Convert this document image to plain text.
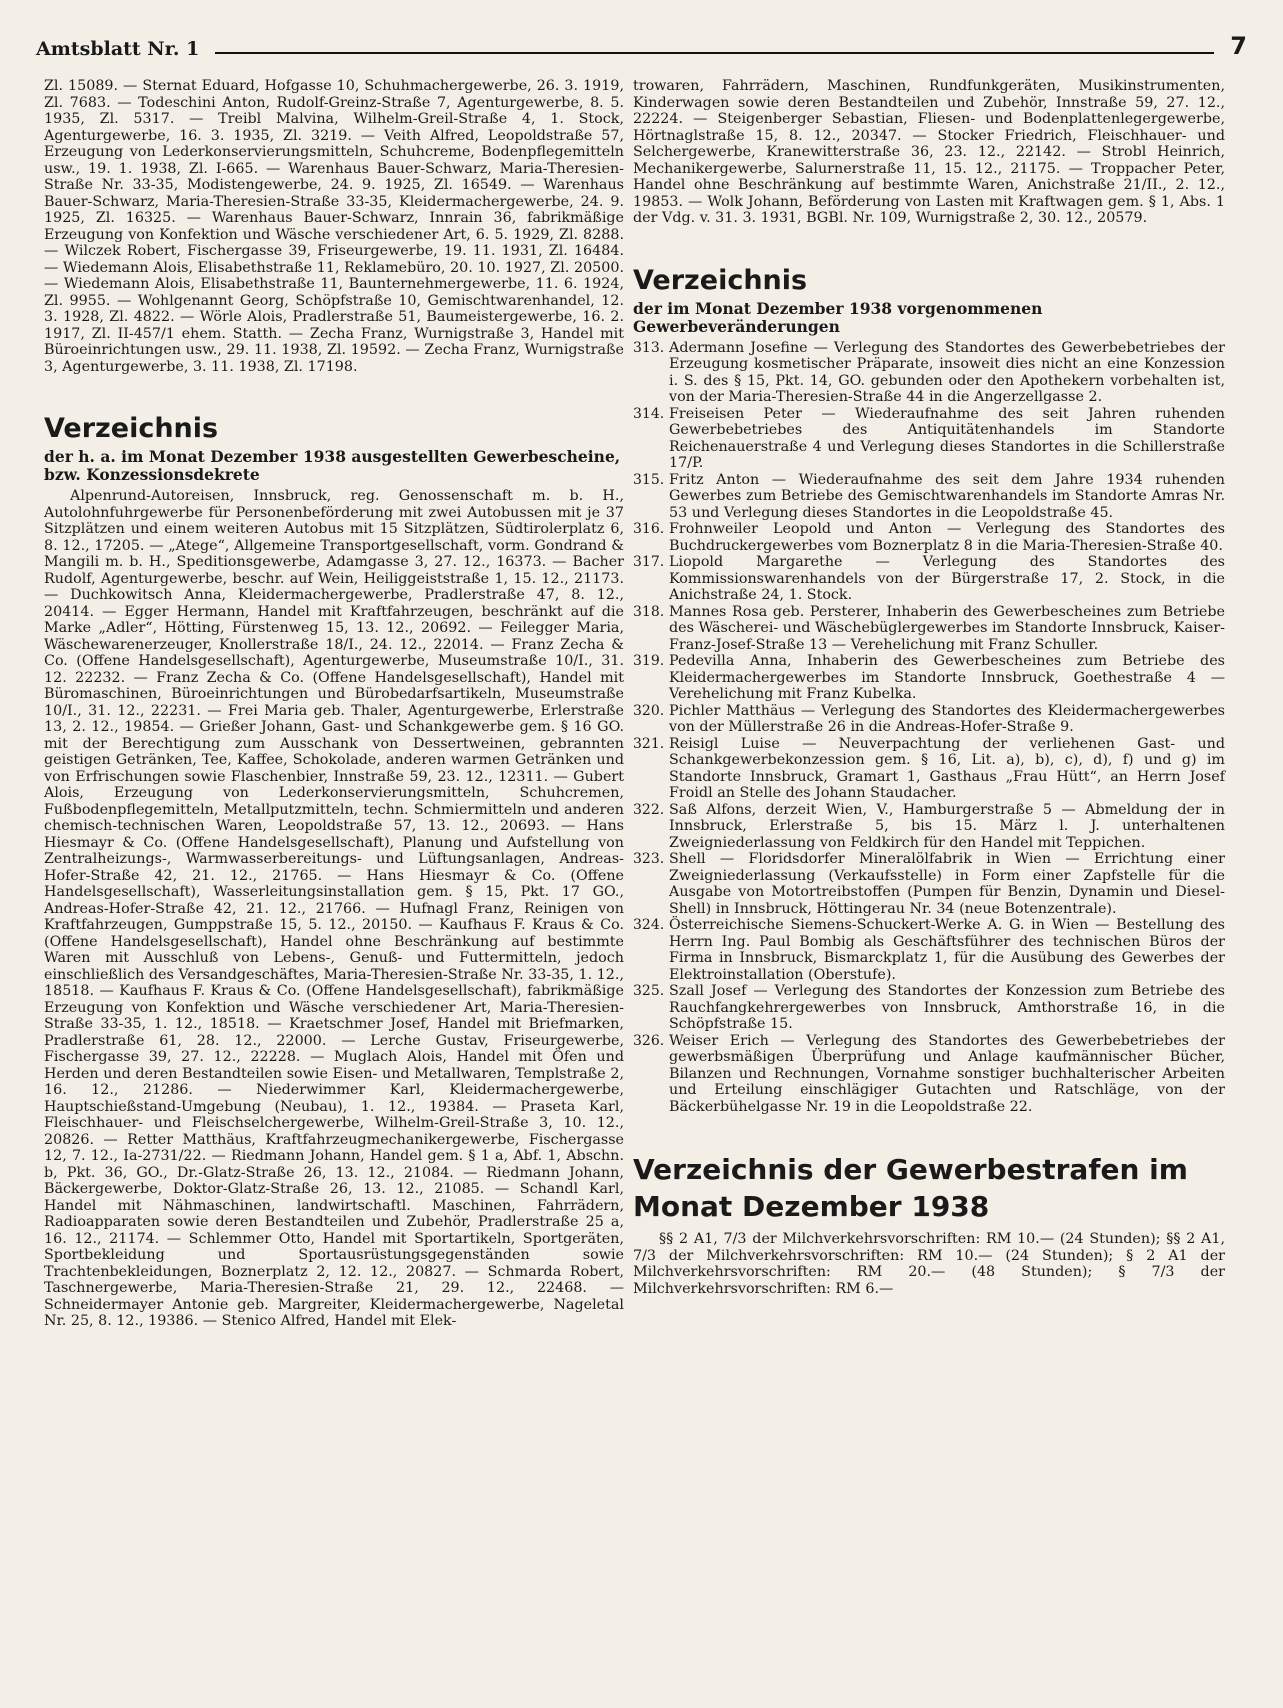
Amtsblatt Nr. 1	7

Zl. 15089. — Sternat Eduard, Hofgasse 10, Schuhmachergewerbe, 26. 3. 1919, Zl. 7683. — Todeschini Anton, Rudolf-Greinz-Straße 7, Agenturgewerbe, 8. 5. 1935, Zl. 5317. — Treibl Malvina, Wilhelm-Greil-Straße 4, 1. Stock, Agenturgewerbe, 16. 3. 1935, Zl. 3219. — Veith Alfred, Leopoldstraße 57, Erzeugung von Lederkonservierungsmitteln, Schuhcreme, Bodenpflegemitteln usw., 19. 1. 1938, Zl. I-665. — Warenhaus Bauer-Schwarz, Maria-Theresien-Straße Nr. 33-35, Modistengewerbe, 24. 9. 1925, Zl. 16549. — Warenhaus Bauer-Schwarz, Maria-Theresien-Straße 33-35, Kleidermachergewerbe, 24. 9. 1925, Zl. 16325. — Warenhaus Bauer-Schwarz, Innrain 36, fabrikmäßige Erzeugung von Konfektion und Wäsche verschiedener Art, 6. 5. 1929, Zl. 8288. — Wilczek Robert, Fischergasse 39, Friseurgewerbe, 19. 11. 1931, Zl. 16484. — Wiedemann Alois, Elisabethstraße 11, Reklamebüro, 20. 10. 1927, Zl. 20500. — Wiedemann Alois, Elisabethstraße 11, Baunternehmergewerbe, 11. 6. 1924, Zl. 9955. — Wohlgenannt Georg, Schöpfstraße 10, Gemischtwarenhandel, 12. 3. 1928, Zl. 4822. — Wörle Alois, Pradlerstraße 51, Baumeistergewerbe, 16. 2. 1917, Zl. II-457/1 ehem. Statth. — Zecha Franz, Wurnigstraße 3, Handel mit Büroeinrichtungen usw., 29. 11. 1938, Zl. 19592. — Zecha Franz, Wurnigstraße 3, Agenturgewerbe, 3. 11. 1938, Zl. 17198.

Verzeichnis
der h. a. im Monat Dezember 1938 ausgestellten Gewerbescheine, bzw. Konzessionsdekrete

Alpenrund-Autoreisen, Innsbruck, reg. Genossenschaft m. b. H., Autolohnfuhrgewerbe für Personenbeförderung mit zwei Autobussen mit je 37 Sitzplätzen und einem weiteren Autobus mit 15 Sitzplätzen, Südtirolerplatz 6, 8. 12., 17205. — „Atege“, Allgemeine Transportgesellschaft, vorm. Gondrand & Mangili m. b. H., Speditionsgewerbe, Adamgasse 3, 27. 12., 16373. — Bacher Rudolf, Agenturgewerbe, beschr. auf Wein, Heiliggeiststraße 1, 15. 12., 21173. — Duchkowitsch Anna, Kleidermachergewerbe, Pradlerstraße 47, 8. 12., 20414. — Egger Hermann, Handel mit Kraftfahrzeugen, beschränkt auf die Marke „Adler“, Hötting, Fürstenweg 15, 13. 12., 20692. — Feilegger Maria, Wäschewarenerzeuger, Knollerstraße 18/I., 24. 12., 22014. — Franz Zecha & Co. (Offene Handelsgesellschaft), Agenturgewerbe, Museumstraße 10/I., 31. 12. 22232. — Franz Zecha & Co. (Offene Handelsgesellschaft), Handel mit Büromaschinen, Büroeinrichtungen und Bürobedarfsartikeln, Museumstraße 10/I., 31. 12., 22231. — Frei Maria geb. Thaler, Agenturgewerbe, Erlerstraße 13, 2. 12., 19854. — Grießer Johann, Gast- und Schankgewerbe gem. § 16 GO. mit der Berechtigung zum Ausschank von Dessertweinen, gebrannten geistigen Getränken, Tee, Kaffee, Schokolade, anderen warmen Getränken und von Erfrischungen sowie Flaschenbier, Innstraße 59, 23. 12., 12311. — Gubert Alois, Erzeugung von Lederkonservierungsmitteln, Schuhcremen, Fußbodenpflegemitteln, Metallputzmitteln, techn. Schmiermitteln und anderen chemisch-technischen Waren, Leopoldstraße 57, 13. 12., 20693. — Hans Hiesmayr & Co. (Offene Handelsgesellschaft), Planung und Aufstellung von Zentralheizungs-, Warmwasserbereitungs- und Lüftungsanlagen, Andreas-Hofer-Straße 42, 21. 12., 21765. — Hans Hiesmayr & Co. (Offene Handelsgesellschaft), Wasserleitungsinstallation gem. § 15, Pkt. 17 GO., Andreas-Hofer-Straße 42, 21. 12., 21766. — Hufnagl Franz, Reinigen von Kraftfahrzeugen, Gumppstraße 15, 5. 12., 20150. — Kaufhaus F. Kraus & Co. (Offene Handelsgesellschaft), Handel ohne Beschränkung auf bestimmte Waren mit Ausschluß von Lebens-, Genuß- und Futtermitteln, jedoch einschließlich des Versandgeschäftes, Maria-Theresien-Straße Nr. 33-35, 1. 12., 18518. — Kaufhaus F. Kraus & Co. (Offene Handelsgesellschaft), fabrikmäßige Erzeugung von Konfektion und Wäsche verschiedener Art, Maria-Theresien-Straße 33-35, 1. 12., 18518. — Kraetschmer Josef, Handel mit Briefmarken, Pradlerstraße 61, 28. 12., 22000. — Lerche Gustav, Friseurgewerbe, Fischergasse 39, 27. 12., 22228. — Muglach Alois, Handel mit Öfen und Herden und deren Bestandteilen sowie Eisen- und Metallwaren, Templstraße 2, 16. 12., 21286. — Niederwimmer Karl, Kleidermachergewerbe, Hauptschießstand-Umgebung (Neubau), 1. 12., 19384. — Praseta Karl, Fleischhauer- und Fleischselchergewerbe, Wilhelm-Greil-Straße 3, 10. 12., 20826. — Retter Matthäus, Kraftfahrzeugmechanikergewerbe, Fischergasse 12, 7. 12., Ia-2731/22. — Riedmann Johann, Handel gem. § 1 a, Abf. 1, Abschn. b, Pkt. 36, GO., Dr.-Glatz-Straße 26, 13. 12., 21084. — Riedmann Johann, Bäckergewerbe, Doktor-Glatz-Straße 26, 13. 12., 21085. — Schandl Karl, Handel mit Nähmaschinen, landwirtschaftl. Maschinen, Fahrrädern, Radioapparaten sowie deren Bestandteilen und Zubehör, Pradlerstraße 25 a, 16. 12., 21174. — Schlemmer Otto, Handel mit Sportartikeln, Sportgeräten, Sportbekleidung und Sportausrüstungsgegenständen sowie Trachtenbekleidungen, Boznerplatz 2, 12. 12., 20827. — Schmarda Robert, Taschnergewerbe, Maria-Theresien-Straße 21, 29. 12., 22468. — Schneidermayer Antonie geb. Margreiter, Kleidermachergewerbe, Nageletal Nr. 25, 8. 12., 19386. — Stenico Alfred, Handel mit Elek-

trowaren, Fahrrädern, Maschinen, Rundfunkgeräten, Musikinstrumenten, Kinderwagen sowie deren Bestandteilen und Zubehör, Innstraße 59, 27. 12., 22224. — Steigenberger Sebastian, Fliesen- und Bodenplattenlegergewerbe, Hörtnaglstraße 15, 8. 12., 20347. — Stocker Friedrich, Fleischhauer- und Selchergewerbe, Kranewitterstraße 36, 23. 12., 22142. — Strobl Heinrich, Mechanikergewerbe, Salurnerstraße 11, 15. 12., 21175. — Troppacher Peter, Handel ohne Beschränkung auf bestimmte Waren, Anichstraße 21/II., 2. 12., 19853. — Wolk Johann, Beförderung von Lasten mit Kraftwagen gem. § 1, Abs. 1 der Vdg. v. 31. 3. 1931, BGBl. Nr. 109, Wurnigstraße 2, 30. 12., 20579.

Verzeichnis
der im Monat Dezember 1938 vorgenommenen Gewerbeveränderungen
313. Adermann Josefine — Verlegung des Standortes des Gewerbebetriebes der Erzeugung kosmetischer Präparate, insoweit dies nicht an eine Konzession i. S. des § 15, Pkt. 14, GO. gebunden oder den Apothekern vorbehalten ist, von der Maria-Theresien-Straße 44 in die Angerzellgasse 2.
314. Freiseisen Peter — Wiederaufnahme des seit Jahren ruhenden Gewerbebetriebes des Antiquitätenhandels im Standorte Reichenauerstraße 4 und Verlegung dieses Standortes in die Schillerstraße 17/P.
315. Fritz Anton — Wiederaufnahme des seit dem Jahre 1934 ruhenden Gewerbes zum Betriebe des Gemischtwarenhandels im Standorte Amras Nr. 53 und Verlegung dieses Standortes in die Leopoldstraße 45.
316. Frohnweiler Leopold und Anton — Verlegung des Standortes des Buchdruckergewerbes vom Boznerplatz 8 in die Maria-Theresien-Straße 40.
317. Liopold Margarethe — Verlegung des Standortes des Kommissionswarenhandels von der Bürgerstraße 17, 2. Stock, in die Anichstraße 24, 1. Stock.
318. Mannes Rosa geb. Persterer, Inhaberin des Gewerbescheines zum Betriebe des Wäscherei- und Wäschebüglergewerbes im Standorte Innsbruck, Kaiser-Franz-Josef-Straße 13 — Verehelichung mit Franz Schuller.
319. Pedevilla Anna, Inhaberin des Gewerbescheines zum Betriebe des Kleidermachergewerbes im Standorte Innsbruck, Goethestraße 4 — Verehelichung mit Franz Kubelka.
320. Pichler Matthäus — Verlegung des Standortes des Kleidermachergewerbes von der Müllerstraße 26 in die Andreas-Hofer-Straße 9.
321. Reisigl Luise — Neuverpachtung der verliehenen Gast- und Schankgewerbekonzession gem. § 16, Lit. a), b), c), d), f) und g) im Standorte Innsbruck, Gramart 1, Gasthaus „Frau Hütt“, an Herrn Josef Froidl an Stelle des Johann Staudacher.
322. Saß Alfons, derzeit Wien, V., Hamburgerstraße 5 — Abmeldung der in Innsbruck, Erlerstraße 5, bis 15. März l. J. unterhaltenen Zweigniederlassung von Feldkirch für den Handel mit Teppichen.
323. Shell — Floridsdorfer Mineralölfabrik in Wien — Errichtung einer Zweigniederlassung (Verkaufsstelle) in Form einer Zapfstelle für die Ausgabe von Motortreibstoffen (Pumpen für Benzin, Dynamin und Diesel-Shell) in Innsbruck, Höttingerau Nr. 34 (neue Botenzentrale).
324. Österreichische Siemens-Schuckert-Werke A. G. in Wien — Bestellung des Herrn Ing. Paul Bombig als Geschäftsführer des technischen Büros der Firma in Innsbruck, Bismarckplatz 1, für die Ausübung des Gewerbes der Elektroinstallation (Oberstufe).
325. Szall Josef — Verlegung des Standortes der Konzession zum Betriebe des Rauchfangkehrergewerbes von Innsbruck, Amthorstraße 16, in die Schöpfstraße 15.
326. Weiser Erich — Verlegung des Standortes des Gewerbebetriebes der gewerbsmäßigen Überprüfung und Anlage kaufmännischer Bücher, Bilanzen und Rechnungen, Vornahme sonstiger buchhalterischer Arbeiten und Erteilung einschlägiger Gutachten und Ratschläge, von der Bäckerbühelgasse Nr. 19 in die Leopoldstraße 22.
Verzeichnis der Gewerbestrafen im Monat Dezember 1938

§§ 2 A1, 7/3 der Milchverkehrsvorschriften: RM 10.— (24 Stunden); §§ 2 A1, 7/3 der Milchverkehrsvorschriften: RM 10.— (24 Stunden); § 2 A1 der Milchverkehrsvorschriften: RM 20.— (48 Stunden); § 7/3 der Milchverkehrsvorschriften: RM 6.—
